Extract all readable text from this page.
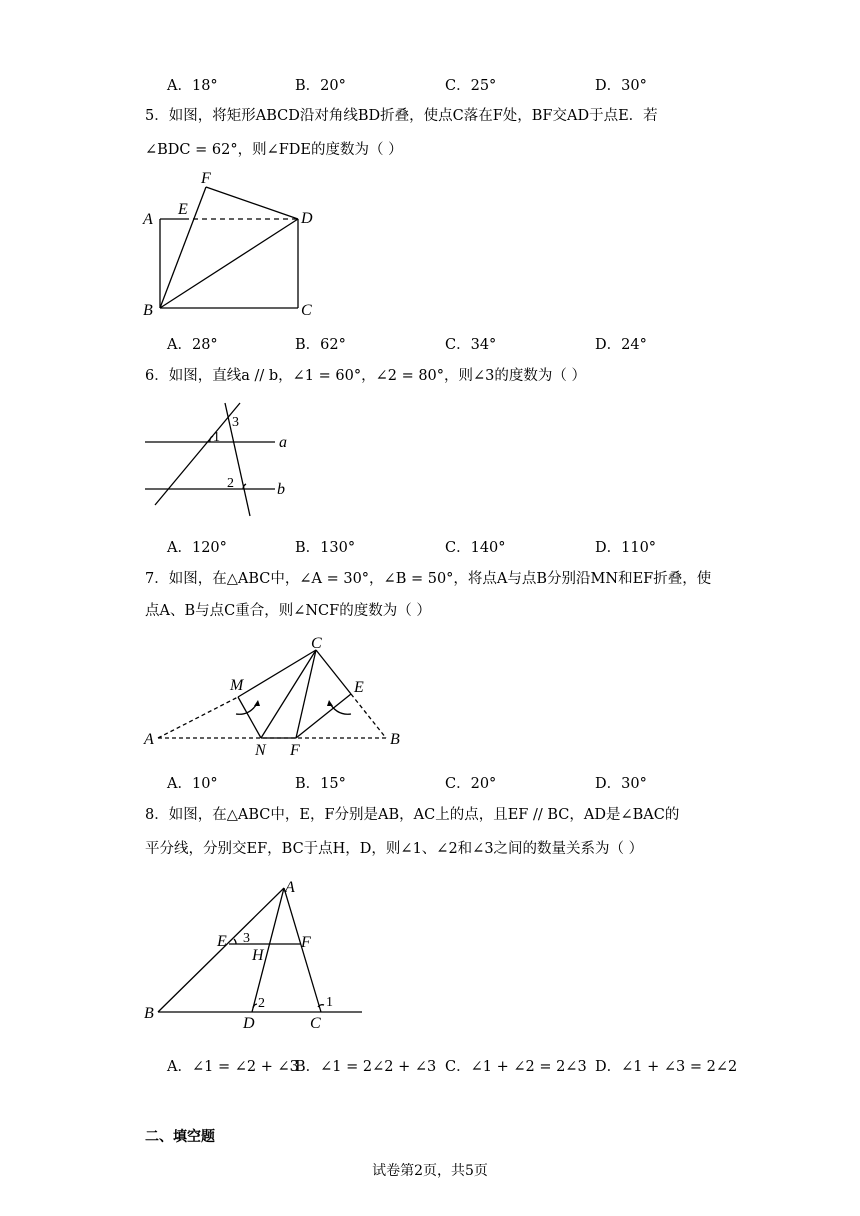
A．18°	B．20°	C．25°	D．30°
5．如图，将矩形ABCD沿对角线BD折叠，使点C落在F处，BF交AD于点E．若
∠BDC = 62°，则∠FDE的度数为（ ）
A
E
F
D
B	C
A．28°	B．62°	C．34°	D．24°
6．如图，直线a // b，∠1 = 60°，∠2 = 80°，则∠3的度数为（ ）
3
1
2
a
b
A．120°	B．130°	C．140°	D．110°
7．如图，在△ABC中，∠A = 30°，∠B = 50°，将点A与点B分别沿MN和EF折叠，使
点A、B与点C重合，则∠NCF的度数为（ ）
C
M	E
A
N F
B
A．10°	B．15°	C．20°	D．30°
8．如图，在△ABC中，E，F分别是AB，AC上的点，且EF // BC，AD是∠BAC的
平分线，分别交EF，BC于点H，D，则∠1、∠2和∠3之间的数量关系为（ ）
A
E 3	F
H
2	1
B
D	C
A．∠1 = ∠2 + ∠3
B．∠1 = 2∠2 + ∠3 C．∠1 + ∠2 = 2∠3 D．∠1 + ∠3 = 2∠2
二、填空题
试卷第2页，共5页
